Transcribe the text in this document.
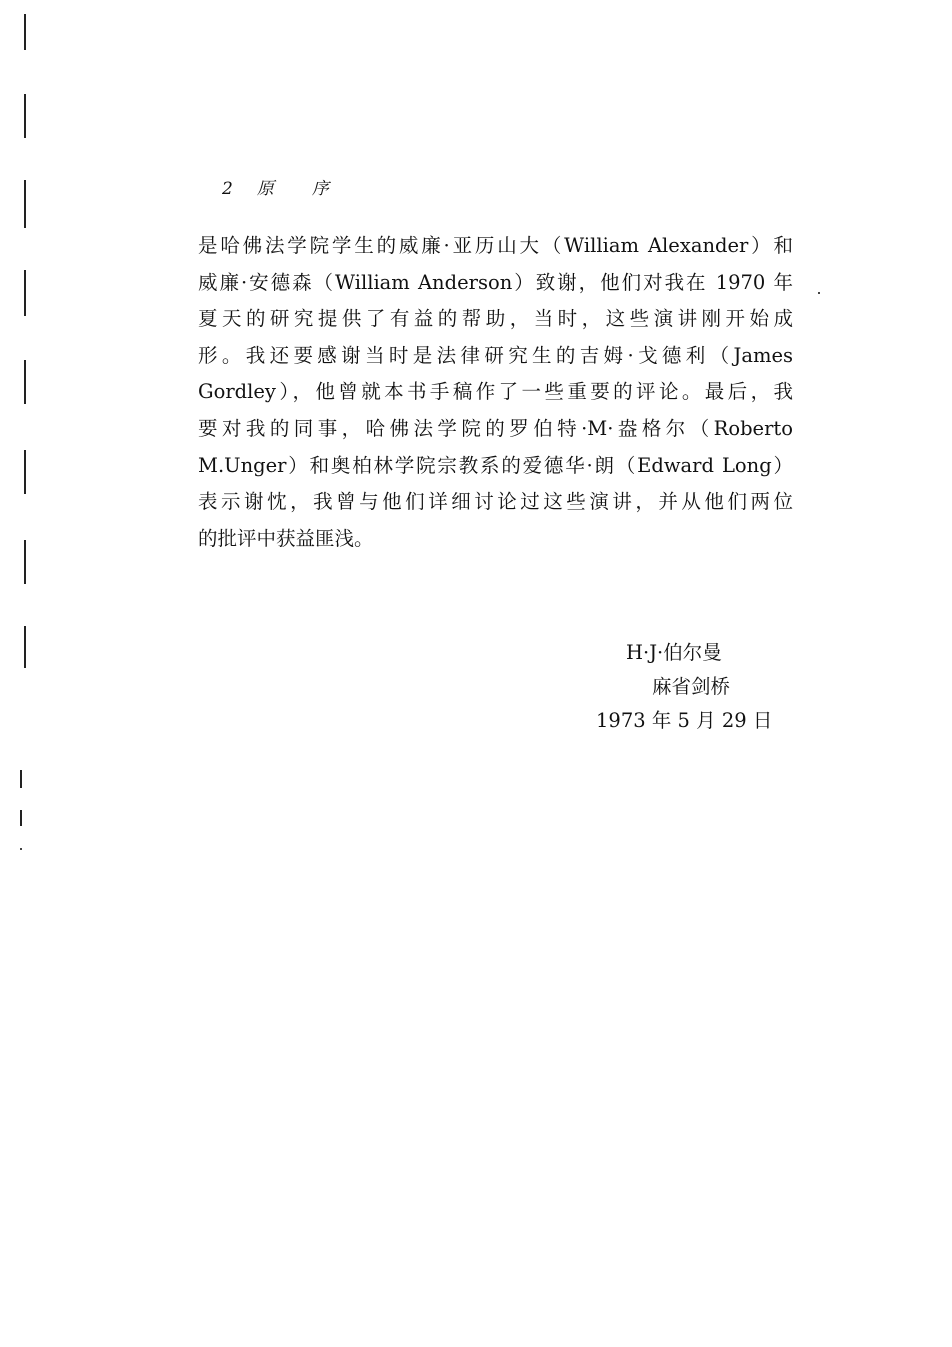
2 原 序
是哈佛法学院学生的威廉·亚历山大（William Alexander）和
威廉·安德森（William Anderson）致谢，他们对我在 1970 年
夏天的研究提供了有益的帮助，当时，这些演讲刚开始成
形。我还要感谢当时是法律研究生的吉姆·戈德利（James
Gordley），他曾就本书手稿作了一些重要的评论。最后，我
要对我的同事，哈佛法学院的罗伯特·M·盎格尔（Roberto
M.Unger）和奥柏林学院宗教系的爱德华·朗（Edward Long）
表示谢忱，我曾与他们详细讨论过这些演讲，并从他们两位
的批评中获益匪浅。
H·J·伯尔曼
麻省剑桥
1973 年 5 月 29 日
